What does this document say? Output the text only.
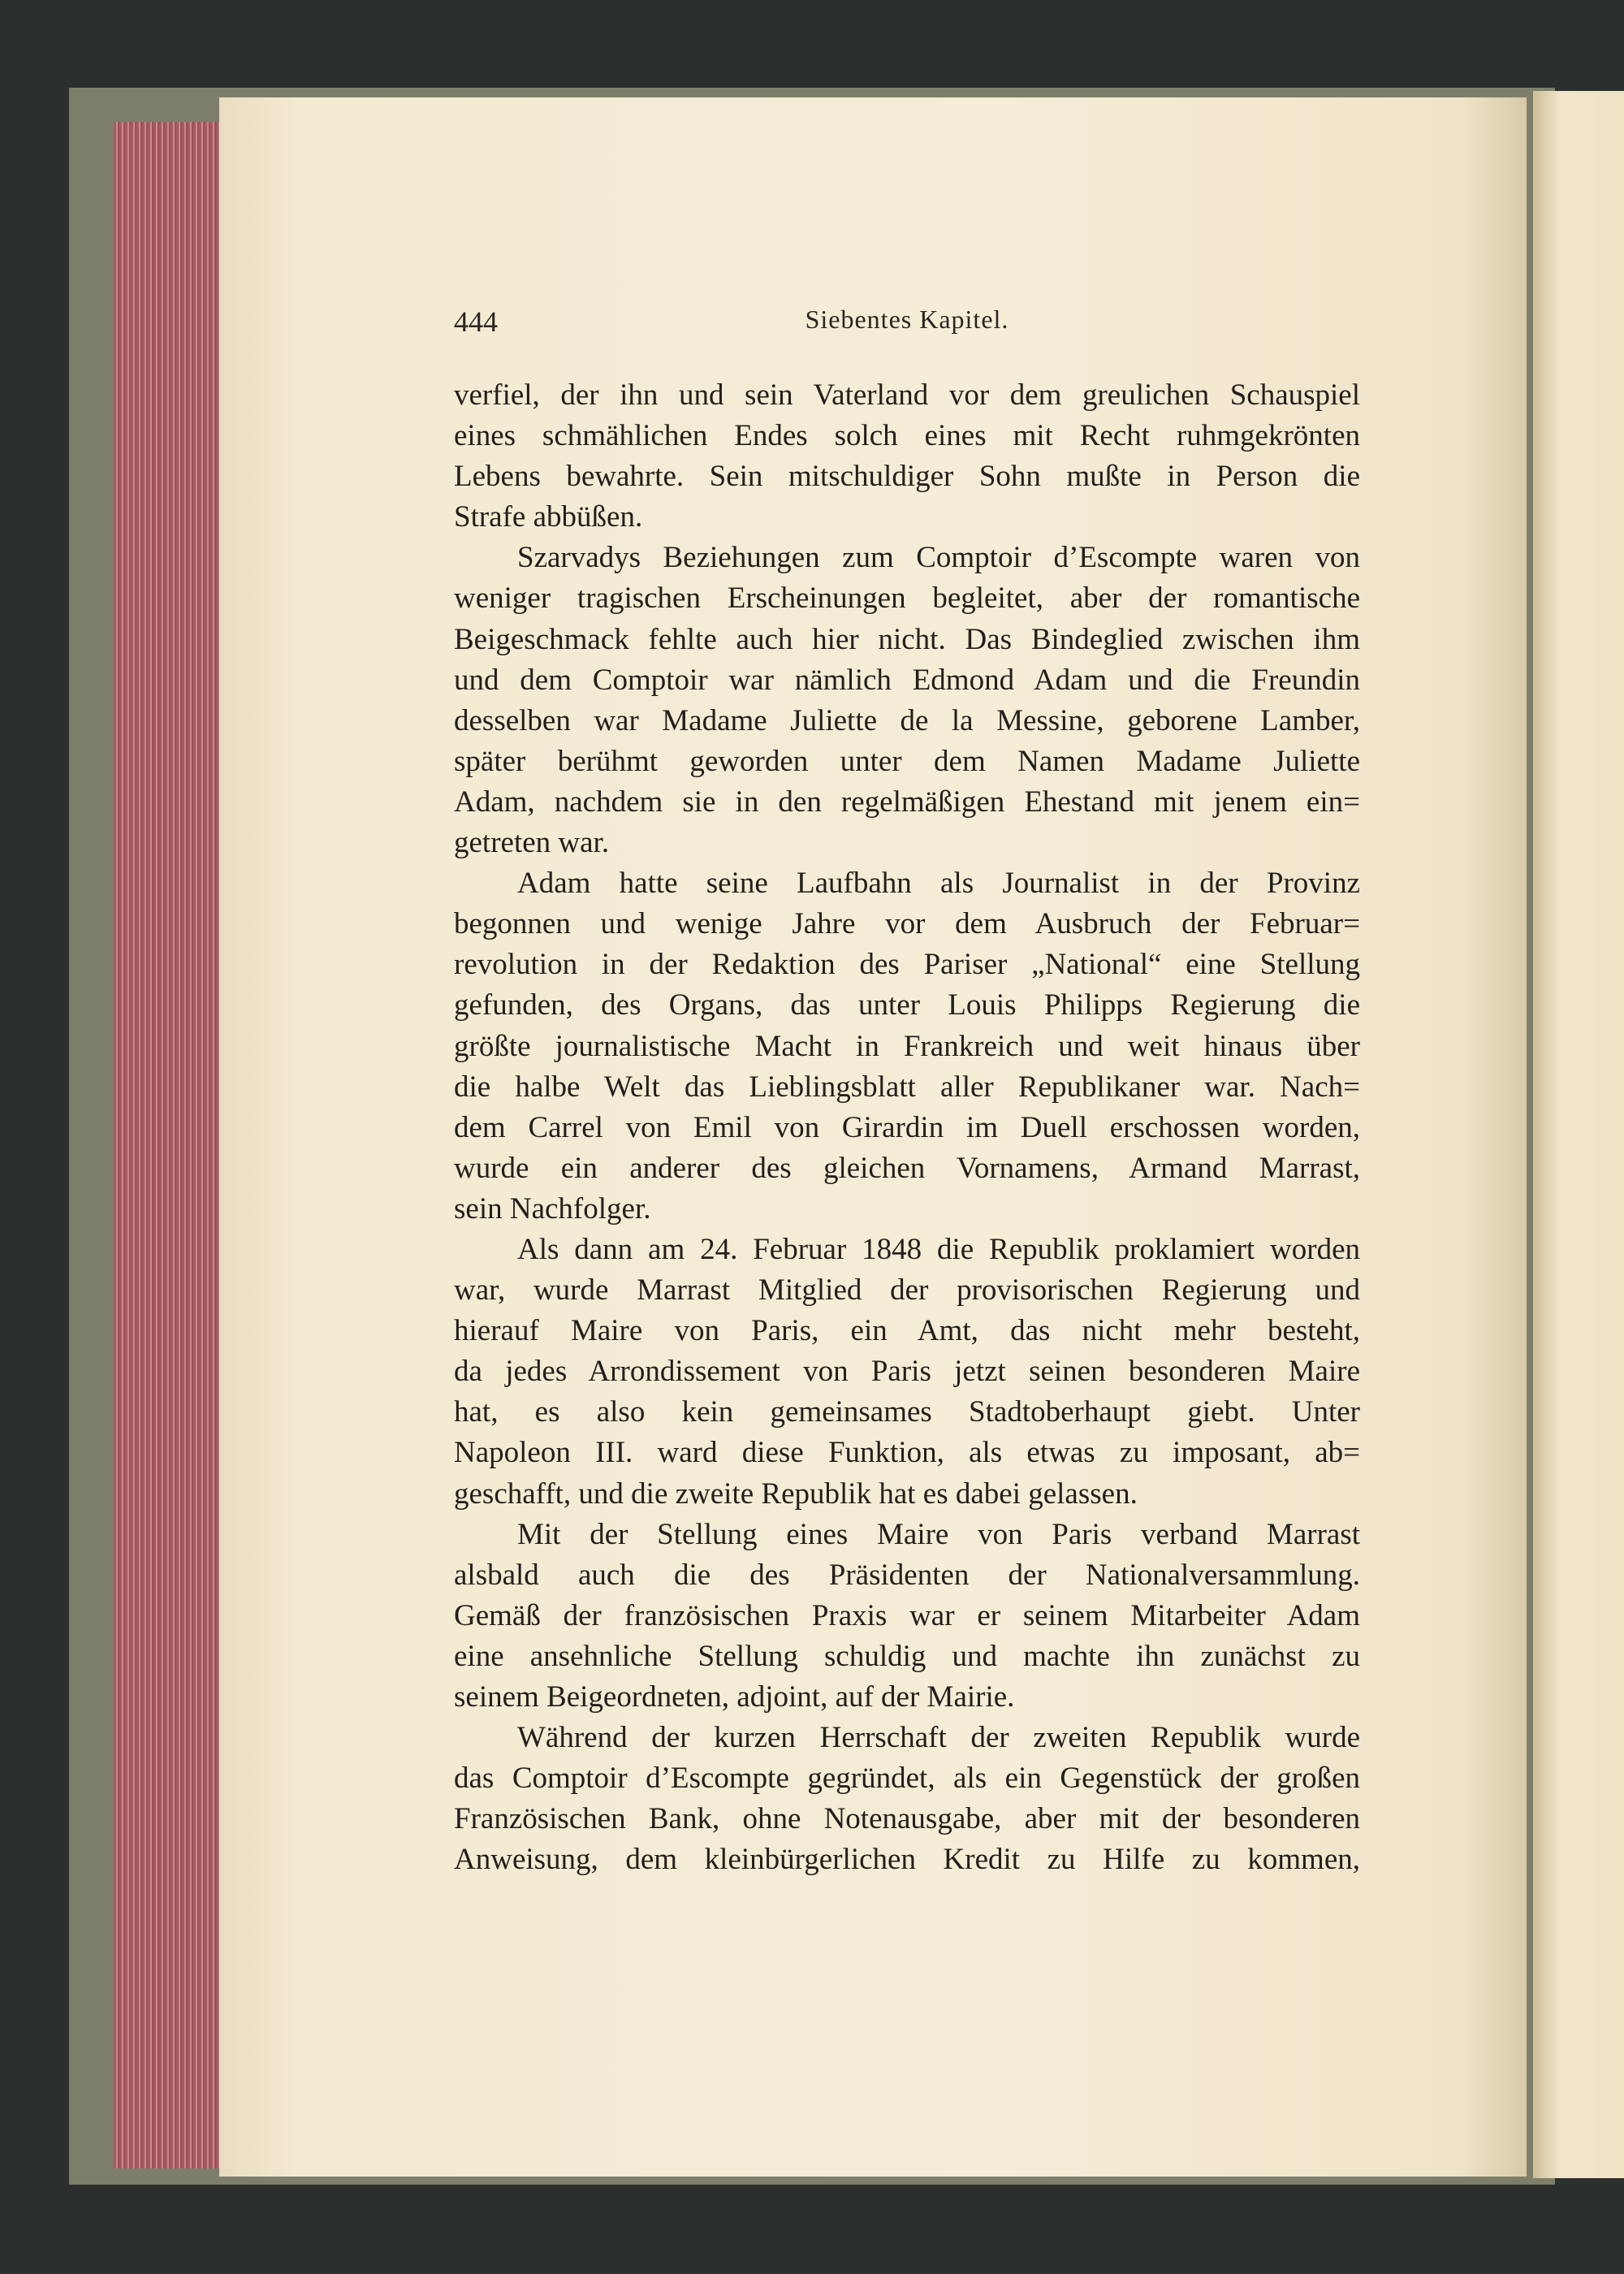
444	Siebentes Kapitel.
verfiel, der ihn und sein Vaterland vor dem greulichen Schauspiel
eines schmählichen Endes solch eines mit Recht ruhmgekrönten
Lebens bewahrte. Sein mitschuldiger Sohn mußte in Person die
Strafe abbüßen.
Szarvadys Beziehungen zum Comptoir d’Escompte waren von
weniger tragischen Erscheinungen begleitet, aber der romantische
Beigeschmack fehlte auch hier nicht. Das Bindeglied zwischen ihm
und dem Comptoir war nämlich Edmond Adam und die Freundin
desselben war Madame Juliette de la Messine, geborene Lamber,
später berühmt geworden unter dem Namen Madame Juliette
Adam, nachdem sie in den regelmäßigen Ehestand mit jenem ein=
getreten war.
Adam hatte seine Laufbahn als Journalist in der Provinz
begonnen und wenige Jahre vor dem Ausbruch der Februar=
revolution in der Redaktion des Pariser „National“ eine Stellung
gefunden, des Organs, das unter Louis Philipps Regierung die
größte journalistische Macht in Frankreich und weit hinaus über
die halbe Welt das Lieblingsblatt aller Republikaner war. Nach=
dem Carrel von Emil von Girardin im Duell erschossen worden,
wurde ein anderer des gleichen Vornamens, Armand Marrast,
sein Nachfolger.
Als dann am 24. Februar 1848 die Republik proklamiert worden
war, wurde Marrast Mitglied der provisorischen Regierung und
hierauf Maire von Paris, ein Amt, das nicht mehr besteht,
da jedes Arrondissement von Paris jetzt seinen besonderen Maire
hat, es also kein gemeinsames Stadtoberhaupt giebt. Unter
Napoleon III. ward diese Funktion, als etwas zu imposant, ab=
geschafft, und die zweite Republik hat es dabei gelassen.
Mit der Stellung eines Maire von Paris verband Marrast
alsbald auch die des Präsidenten der Nationalversammlung.
Gemäß der französischen Praxis war er seinem Mitarbeiter Adam
eine ansehnliche Stellung schuldig und machte ihn zunächst zu
seinem Beigeordneten, adjoint, auf der Mairie.
Während der kurzen Herrschaft der zweiten Republik wurde
das Comptoir d’Escompte gegründet, als ein Gegenstück der großen
Französischen Bank, ohne Notenausgabe, aber mit der besonderen
Anweisung, dem kleinbürgerlichen Kredit zu Hilfe zu kommen,
